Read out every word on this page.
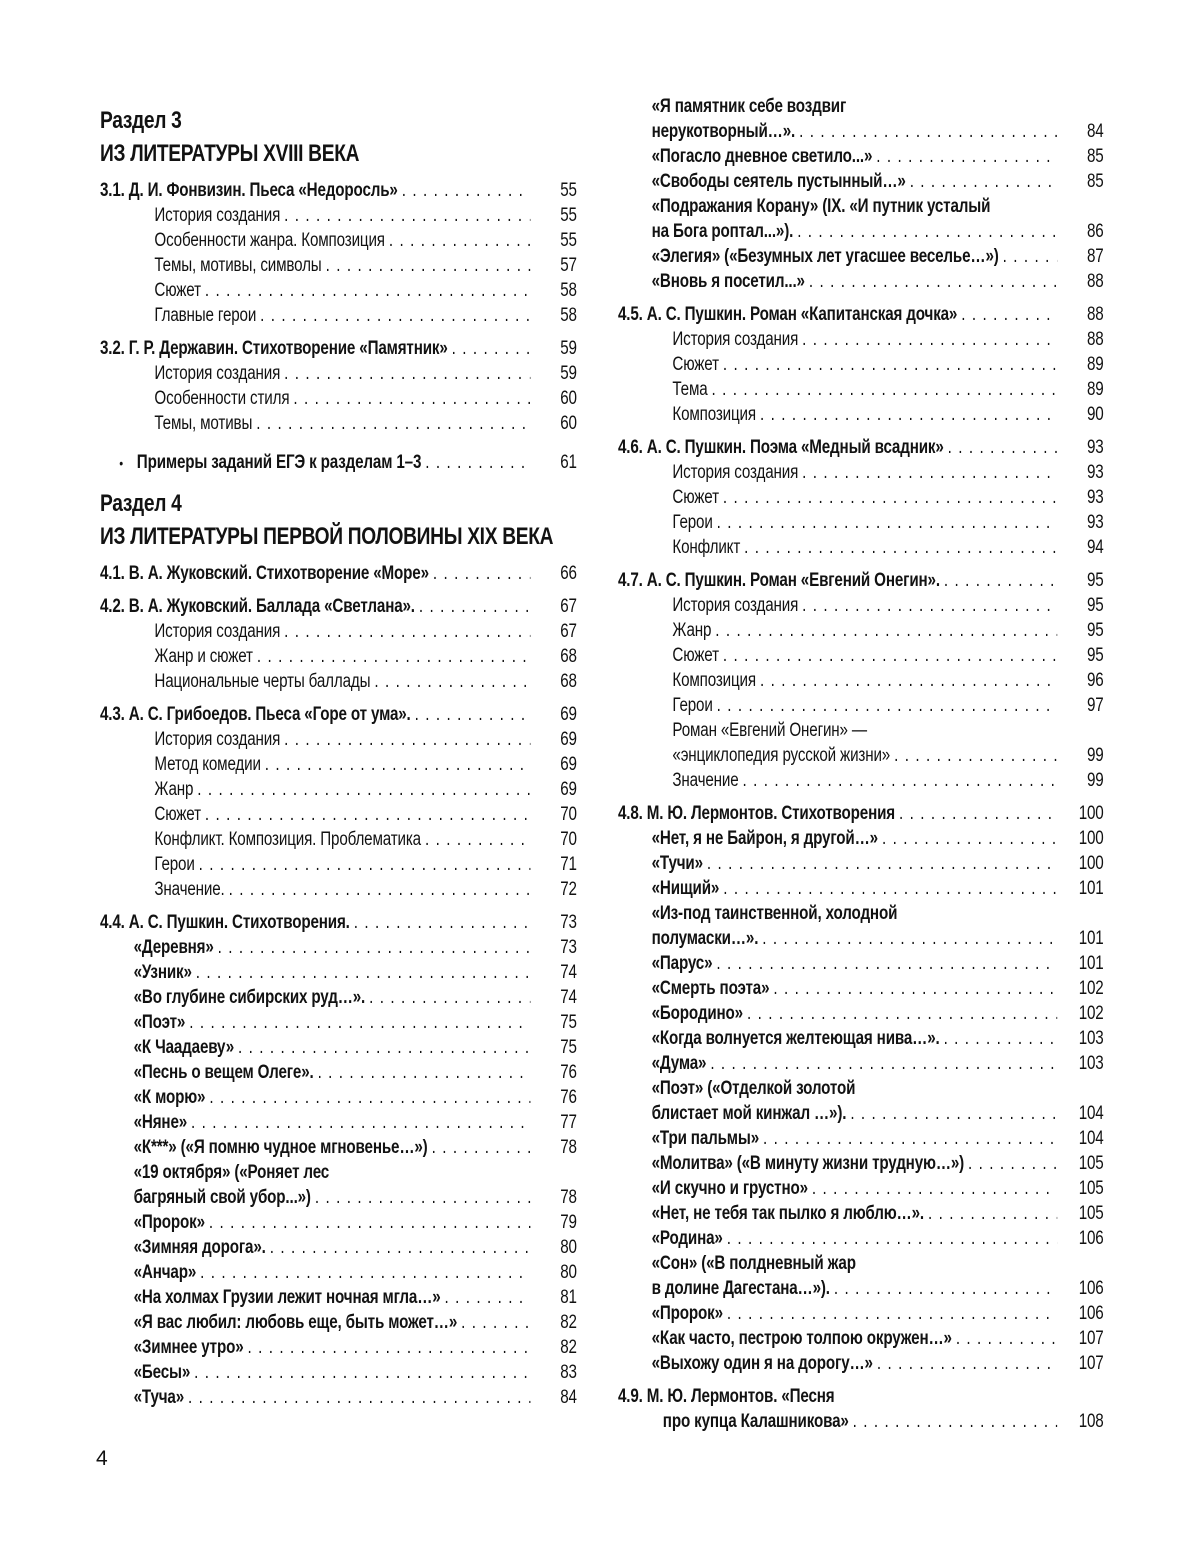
Раздел 3
ИЗ ЛИТЕРАТУРЫ XVIII ВЕКА
3.1. Д. И. Фонвизин. Пьеса «Недоросль» .....	55
История создания .....	55
Особенности жанра. Композиция .....	55
Темы, мотивы, символы .....	57
Сюжет .....	58
Главные герои .....	58
3.2. Г. Р. Державин. Стихотворение «Памятник» .....	59
История создания .....	59
Особенности стиля .....	60
Темы, мотивы .....	60
• Примеры заданий ЕГЭ к разделам 1–3 .....	61
Раздел 4
ИЗ ЛИТЕРАТУРЫ ПЕРВОЙ ПОЛОВИНЫ XIX ВЕКА
4.1. В. А. Жуковский. Стихотворение «Море» .....	66
4.2. В. А. Жуковский. Баллада «Светлана». .....	67
История создания .....	67
Жанр и сюжет .....	68
Национальные черты баллады .....	68
4.3. А. С. Грибоедов. Пьеса «Горе от ума». .....	69
История создания .....	69
Метод комедии .....	69
Жанр .....	69
Сюжет .....	70
Конфликт. Композиция. Проблематика .....	70
Герои .....	71
Значение. .....	72
4.4. А. С. Пушкин. Стихотворения. .....	73
«Деревня» .....	73
«Узник» .....	74
«Во глубине сибирских руд…». .....	74
«Поэт» .....	75
«К Чаадаеву» .....	75
«Песнь о вещем Олеге». .....	76
«К морю» .....	76
«Няне» .....	77
«К***» («Я помню чудное мгновенье…») .....	78
«19 октября» («Роняет лес
багряный свой убор...») .....	78
«Пророк» .....	79
«Зимняя дорога». .....	80
«Анчар» .....	80
«На холмах Грузии лежит ночная мгла…» .....	81
«Я вас любил: любовь еще, быть может…» .....	82
«Зимнее утро» .....	82
«Бесы» .....	83
«Туча» .....	84
«Я памятник себе воздвиг
нерукотворный…». .....	84
«Погасло дневное светило...» .....	85
«Свободы сеятель пустынный…» .....	85
«Подражания Корану» (IX. «И путник усталый
на Бога роптал...»). .....	86
«Элегия» («Безумных лет угасшее веселье…») .....	87
«Вновь я посетил...» .....	88
4.5. А. С. Пушкин. Роман «Капитанская дочка» .....	88
История создания .....	88
Сюжет .....	89
Тема .....	89
Композиция .....	90
4.6. А. С. Пушкин. Поэма «Медный всадник» .....	93
История создания .....	93
Сюжет .....	93
Герои .....	93
Конфликт .....	94
4.7. А. С. Пушкин. Роман «Евгений Онегин». .....	95
История создания .....	95
Жанр .....	95
Сюжет .....	95
Композиция .....	96
Герои .....	97
Роман «Евгений Онегин» —
«энциклопедия русской жизни» .....	99
Значение .....	99
4.8. М. Ю. Лермонтов. Стихотворения .....	100
«Нет, я не Байрон, я другой…» .....	100
«Тучи» .....	100
«Нищий» .....	101
«Из-под таинственной, холодной
полумаски…». .....	101
«Парус» .....	101
«Смерть поэта» .....	102
«Бородино» .....	102
«Когда волнуется желтеющая нива…». .....	103
«Дума» .....	103
«Поэт» («Отделкой золотой
блистает мой кинжал …»). .....	104
«Три пальмы» .....	104
«Молитва» («В минуту жизни трудную…») .....	105
«И скучно и грустно» .....	105
«Нет, не тебя так пылко я люблю…». .....	105
«Родина» .....	106
«Сон» («В полдневный жар
в долине Дагестана…»). .....	106
«Пророк» .....	106
«Как часто, пестрою толпою окружен…» .....	107
«Выхожу один я на дорогу…» .....	107
4.9. М. Ю. Лермонтов. «Песня
про купца Калашникова» .....	108
4
